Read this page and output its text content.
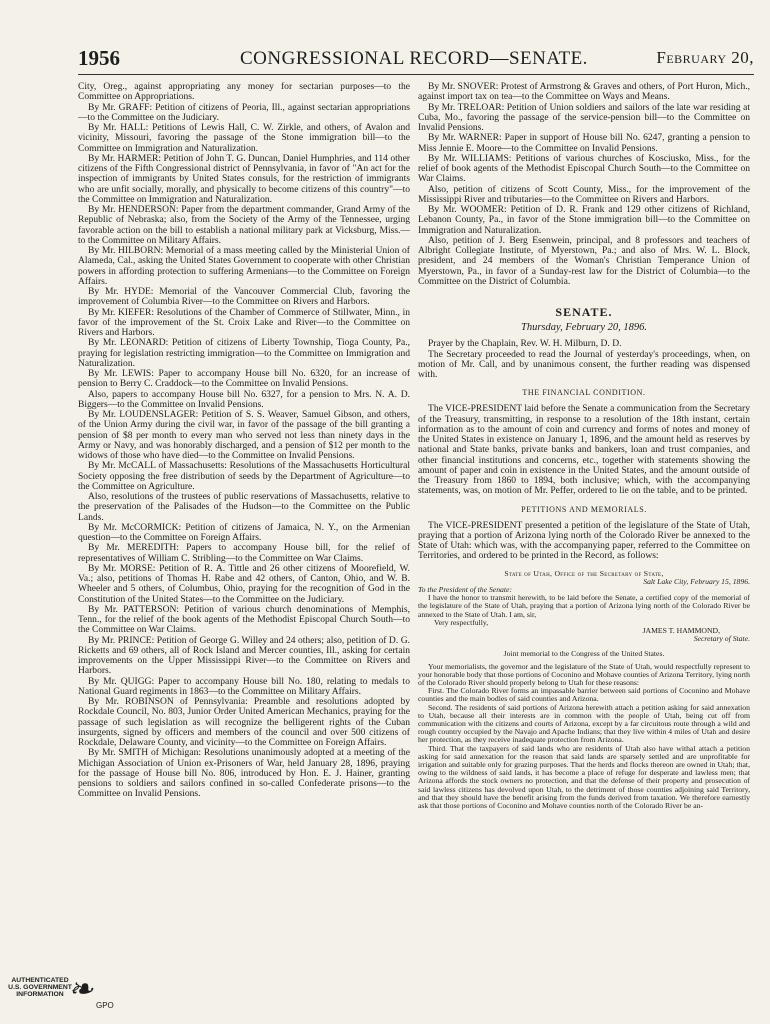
1956	CONGRESSIONAL RECORD—SENATE.	February 20,

City, Oreg., against appropriating any money for sectarian purposes—to the Committee on Appropriations.

By Mr. GRAFF: Petition of citizens of Peoria, Ill., against sectarian appropriations—to the Committee on the Judiciary.

By Mr. HALL: Petitions of Lewis Hall, C. W. Zirkle, and others, of Avalon and vicinity, Missouri, favoring the passage of the Stone immigration bill—to the Committee on Immigration and Naturalization.

By Mr. HARMER: Petition of John T. G. Duncan, Daniel Humphries, and 114 other citizens of the Fifth Congressional district of Pennsylvania, in favor of "An act for the inspection of immigrants by United States consuls, for the restriction of immigrants who are unfit socially, morally, and physically to become citizens of this country"—to the Committee on Immigration and Naturalization.

By Mr. HENDERSON: Paper from the department commander, Grand Army of the Republic of Nebraska; also, from the Society of the Army of the Tennessee, urging favorable action on the bill to establish a national military park at Vicksburg, Miss.—to the Committee on Military Affairs.

By Mr. HILBORN: Memorial of a mass meeting called by the Ministerial Union of Alameda, Cal., asking the United States Government to cooperate with other Christian powers in affording protection to suffering Armenians—to the Committee on Foreign Affairs.

By Mr. HYDE: Memorial of the Vancouver Commercial Club, favoring the improvement of Columbia River—to the Committee on Rivers and Harbors.

By Mr. KIEFER: Resolutions of the Chamber of Commerce of Stillwater, Minn., in favor of the improvement of the St. Croix Lake and River—to the Committee on Rivers and Harbors.

By Mr. LEONARD: Petition of citizens of Liberty Township, Tioga County, Pa., praying for legislation restricting immigration—to the Committee on Immigration and Naturalization.

By Mr. LEWIS: Paper to accompany House bill No. 6320, for an increase of pension to Berry C. Craddock—to the Committee on Invalid Pensions.

Also, papers to accompany House bill No. 6327, for a pension to Mrs. N. A. D. Biggers—to the Committee on Invalid Pensions.

By Mr. LOUDENSLAGER: Petition of S. S. Weaver, Samuel Gibson, and others, of the Union Army during the civil war, in favor of the passage of the bill granting a pension of $8 per month to every man who served not less than ninety days in the Army or Navy, and was honorably discharged, and a pension of $12 per month to the widows of those who have died—to the Committee on Invalid Pensions.

By Mr. McCALL of Massachusetts: Resolutions of the Massachusetts Horticultural Society opposing the free distribution of seeds by the Department of Agriculture—to the Committee on Agriculture.

Also, resolutions of the trustees of public reservations of Massachusetts, relative to the preservation of the Palisades of the Hudson—to the Committee on the Public Lands.

By Mr. McCORMICK: Petition of citizens of Jamaica, N. Y., on the Armenian question—to the Committee on Foreign Affairs.

By Mr. MEREDITH: Papers to accompany House bill, for the relief of representatives of William C. Stribling—to the Committee on War Claims.

By Mr. MORSE: Petition of R. A. Tittle and 26 other citizens of Moorefield, W. Va.; also, petitions of Thomas H. Rabe and 42 others, of Canton, Ohio, and W. B. Wheeler and 5 others, of Columbus, Ohio, praying for the recognition of God in the Constitution of the United States—to the Committee on the Judiciary.

By Mr. PATTERSON: Petition of various church denominations of Memphis, Tenn., for the relief of the book agents of the Methodist Episcopal Church South—to the Committee on War Claims.

By Mr. PRINCE: Petition of George G. Willey and 24 others; also, petition of D. G. Ricketts and 69 others, all of Rock Island and Mercer counties, Ill., asking for certain improvements on the Upper Mississippi River—to the Committee on Rivers and Harbors.

By Mr. QUIGG: Paper to accompany House bill No. 180, relating to medals to National Guard regiments in 1863—to the Committee on Military Affairs.

By Mr. ROBINSON of Pennsylvania: Preamble and resolutions adopted by Rockdale Council, No. 803, Junior Order United American Mechanics, praying for the passage of such legislation as will recognize the belligerent rights of the Cuban insurgents, signed by officers and members of the council and over 500 citizens of Rockdale, Delaware County, and vicinity—to the Committee on Foreign Affairs.

By Mr. SMITH of Michigan: Resolutions unanimously adopted at a meeting of the Michigan Association of Union ex-Prisoners of War, held January 28, 1896, praying for the passage of House bill No. 806, introduced by Hon. E. J. Hainer, granting pensions to soldiers and sailors confined in so-called Confederate prisons—to the Committee on Invalid Pensions.

By Mr. SNOVER: Protest of Armstrong & Graves and others, of Port Huron, Mich., against import tax on tea—to the Committee on Ways and Means.

By Mr. TRELOAR: Petition of Union soldiers and sailors of the late war residing at Cuba, Mo., favoring the passage of the service-pension bill—to the Committee on Invalid Pensions.

By Mr. WARNER: Paper in support of House bill No. 6247, granting a pension to Miss Jennie E. Moore—to the Committee on Invalid Pensions.

By Mr. WILLIAMS: Petitions of various churches of Kosciusko, Miss., for the relief of book agents of the Methodist Episcopal Church South—to the Committee on War Claims.

Also, petition of citizens of Scott County, Miss., for the improvement of the Mississippi River and tributaries—to the Committee on Rivers and Harbors.

By Mr. WOOMER: Petition of D. R. Frank and 129 other citizens of Richland, Lebanon County, Pa., in favor of the Stone immigration bill—to the Committee on Immigration and Naturalization.

Also, petition of J. Berg Esenwein, principal, and 8 professors and teachers of Albright Collegiate Institute, of Myerstown, Pa.; and also of Mrs. W. L. Block, president, and 24 members of the Woman's Christian Temperance Union of Myerstown, Pa., in favor of a Sunday-rest law for the District of Columbia—to the Committee on the District of Columbia.

SENATE.

Thursday, February 20, 1896.

Prayer by the Chaplain, Rev. W. H. Milburn, D. D.

The Secretary proceeded to read the Journal of yesterday's proceedings, when, on motion of Mr. Call, and by unanimous consent, the further reading was dispensed with.

THE FINANCIAL CONDITION.

The VICE-PRESIDENT laid before the Senate a communication from the Secretary of the Treasury, transmitting, in response to a resolution of the 18th instant, certain information as to the amount of coin and currency and forms of notes and money of the United States in existence on January 1, 1896, and the amount held as reserves by national and State banks, private banks and bankers, loan and trust companies, and other financial institutions and concerns, etc., together with statements showing the amount of paper and coin in existence in the United States, and the amount outside of the Treasury from 1860 to 1894, both inclusive; which, with the accompanying statements, was, on motion of Mr. Peffer, ordered to lie on the table, and to be printed.

PETITIONS AND MEMORIALS.

The VICE-PRESIDENT presented a petition of the legislature of the State of Utah, praying that a portion of Arizona lying north of the Colorado River be annexed to the State of Utah: which was, with the accompanying paper, referred to the Committee on Territories, and ordered to be printed in the Record, as follows:

State of Utah, Office of the Secretary of State,

Salt Lake City, February 15, 1896.

To the President of the Senate:

I have the honor to transmit herewith, to be laid before the Senate, a certified copy of the memorial of the legislature of the State of Utah, praying that a portion of Arizona lying north of the Colorado River be annexed to the State of Utah. I am, sir,

Very respectfully,

JAMES T. HAMMOND,

Secretary of State.

Joint memorial to the Congress of the United States.

Your memorialists, the governor and the legislature of the State of Utah, would respectfully represent to your honorable body that those portions of Coconino and Mohave counties of Arizona Territory, lying north of the Colorado River should properly belong to Utah for these reasons:

First. The Colorado River forms an impassable barrier between said portions of Coconino and Mohave counties and the main bodies of said counties and Arizona.

Second. The residents of said portions of Arizona herewith attach a petition asking for said annexation to Utah, because all their interests are in common with the people of Utah, being cut off from communication with the citizens and courts of Arizona, except by a far circuitous route through a wild and rough country occupied by the Navajo and Apache Indians; that they live within 4 miles of Utah and desire her protection, as they receive inadequate protection from Arizona.

Third. That the taxpayers of said lands who are residents of Utah also have withal attach a petition asking for said annexation for the reason that said lands are sparsely settled and are unprofitable for irrigation and suitable only for grazing purposes. That the herds and flocks thereon are owned in Utah; that, owing to the wildness of said lands, it has become a place of refuge for desperate and lawless men; that Arizona affords the stock owners no protection, and that the defense of their property and prosecution of said lawless citizens has devolved upon Utah, to the detriment of those counties adjoining said Territory, and that they should have the benefit arising from the funds derived from taxation. We therefore earnestly ask that those portions of Coconino and Mohave counties north of the Colorado River be an-

AUTHENTICATED U.S. GOVERNMENT INFORMATION ❧ GPO
